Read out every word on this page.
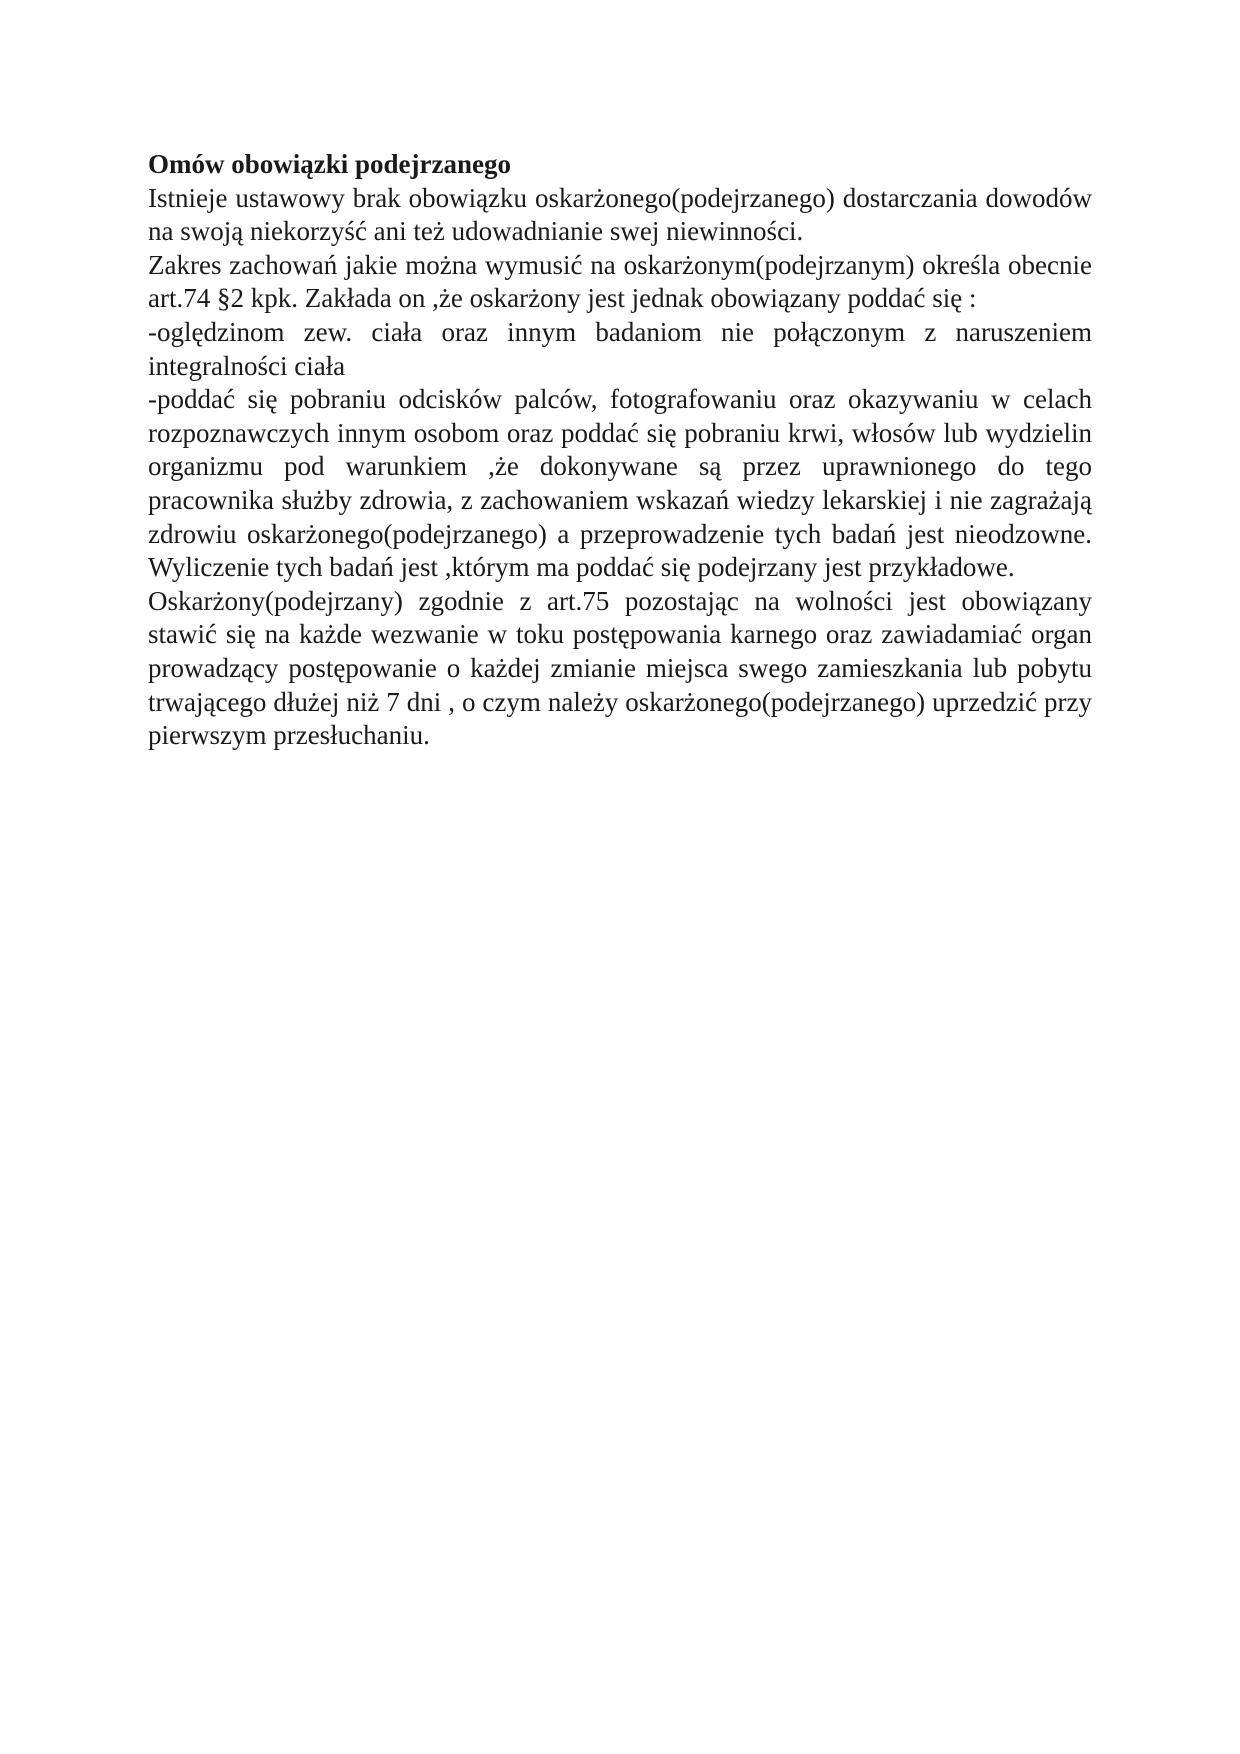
Omów obowiązki podejrzanego

Istnieje ustawowy brak obowiązku oskarżonego(podejrzanego) dostarczania dowodów na swoją niekorzyść ani też udowadnianie swej niewinności.

Zakres zachowań jakie można wymusić na oskarżonym(podejrzanym) określa obecnie art.74 §2 kpk. Zakłada on ,że oskarżony jest jednak obowiązany poddać się :

-oględzinom zew. ciała oraz innym badaniom nie połączonym z naruszeniem integralności ciała

-poddać się pobraniu odcisków palców, fotografowaniu oraz okazywaniu w celach rozpoznawczych innym osobom oraz poddać się pobraniu krwi, włosów lub wydzielin organizmu pod warunkiem ,że dokonywane są przez uprawnionego do tego pracownika służby zdrowia, z zachowaniem wskazań wiedzy lekarskiej i nie zagrażają zdrowiu oskarżonego(podejrzanego) a przeprowadzenie tych badań jest nieodzowne. Wyliczenie tych badań jest ,którym ma poddać się podejrzany jest przykładowe.

Oskarżony(podejrzany) zgodnie z art.75 pozostając na wolności jest obowiązany stawić się na każde wezwanie w toku postępowania karnego oraz zawiadamiać organ prowadzący postępowanie o każdej zmianie miejsca swego zamieszkania lub pobytu trwającego dłużej niż 7 dni , o czym należy oskarżonego(podejrzanego) uprzedzić przy pierwszym przesłuchaniu.
